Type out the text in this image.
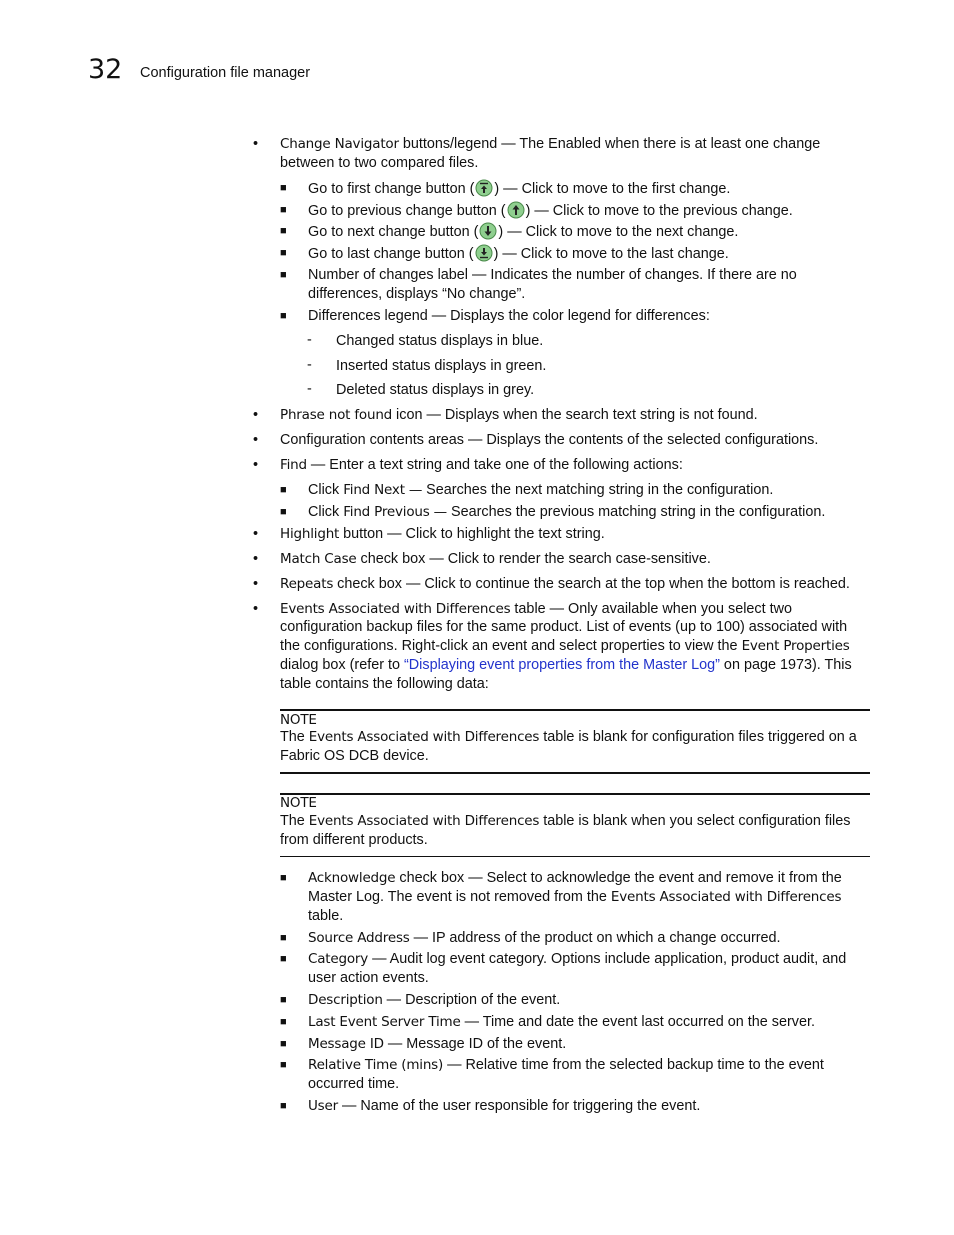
32 Configuration file manager
• Change Navigator buttons/legend — The Enabled when there is at least one change
between to two compared files.
■ Go to first change button ( ) — Click to move to the first change.
■ Go to previous change button ( ) — Click to move to the previous change.
■ Go to next change button ( ) — Click to move to the next change.
■ Go to last change button ( ) — Click to move to the last change.
■ Number of changes label — Indicates the number of changes. If there are no
differences, displays “No change”.
■ Differences legend — Displays the color legend for differences:
- Changed status displays in blue.
- Inserted status displays in green.
- Deleted status displays in grey.
• Phrase not found icon — Displays when the search text string is not found.
• Configuration contents areas — Displays the contents of the selected configurations.
• Find — Enter a text string and take one of the following actions:
■ Click Find Next — Searches the next matching string in the configuration.
■ Click Find Previous — Searches the previous matching string in the configuration.
• Highlight button — Click to highlight the text string.
• Match Case check box — Click to render the search case-sensitive.
• Repeats check box — Click to continue the search at the top when the bottom is reached.
• Events Associated with Differences table — Only available when you select two
configuration backup files for the same product. List of events (up to 100) associated with
the configurations. Right-click an event and select properties to view the Event Properties
dialog box (refer to “Displaying event properties from the Master Log” on page 1973). This
table contains the following data:
NOTE
The Events Associated with Differences table is blank for configuration files triggered on a
Fabric OS DCB device.
NOTE
The Events Associated with Differences table is blank when you select configuration files
from different products.
■ Acknowledge check box — Select to acknowledge the event and remove it from the
Master Log. The event is not removed from the Events Associated with Differences
table.
■ Source Address — IP address of the product on which a change occurred.
■ Category — Audit log event category. Options include application, product audit, and
user action events.
■ Description — Description of the event.
■ Last Event Server Time — Time and date the event last occurred on the server.
■ Message ID — Message ID of the event.
■ Relative Time (mins) — Relative time from the selected backup time to the event
occurred time.
■ User — Name of the user responsible for triggering the event.
